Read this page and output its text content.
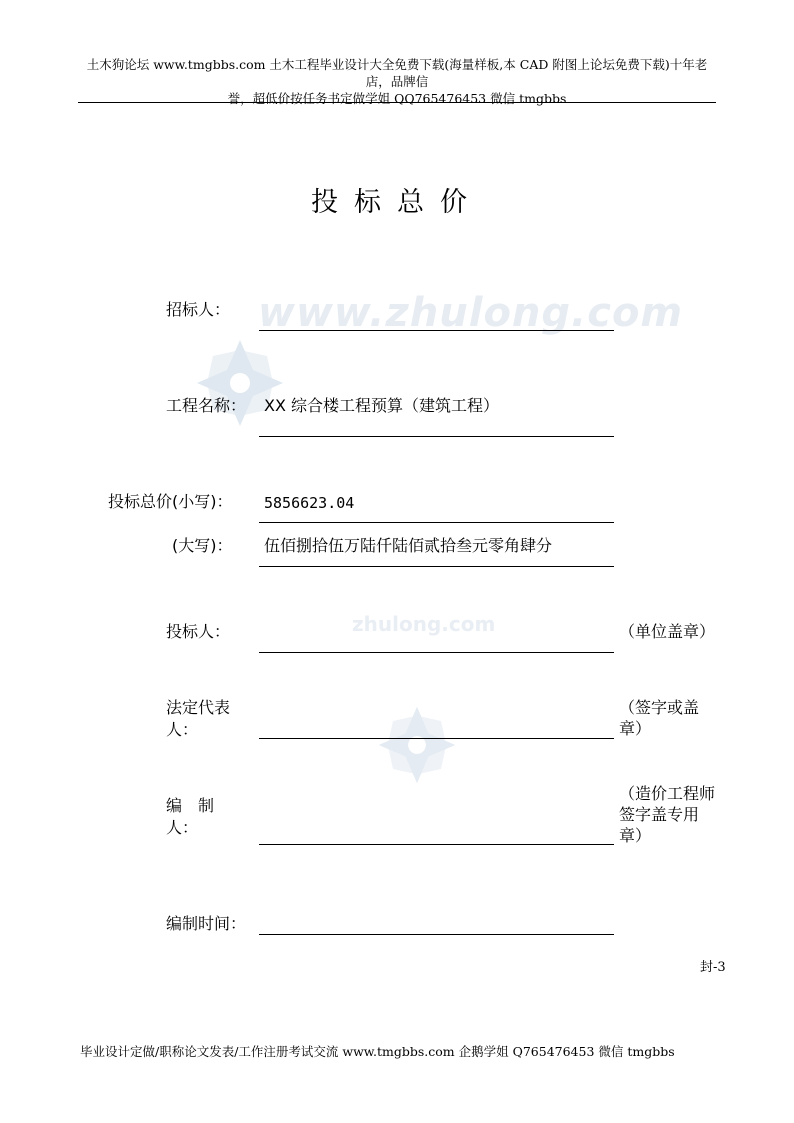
www.zhulong.com
zhulong.com
土木狗论坛 www.tmgbbs.com 土木工程毕业设计大全免费下载(海量样板,本 CAD 附图上论坛免费下载)十年老店，品牌信
誉，超低价按任务书定做学姐 QQ765476453 微信 tmgbbs
投标总价
招标人：
工程名称： XX 综合楼工程预算（建筑工程）
投标总价(小写)： 5856623.04
(大写)： 伍佰捌拾伍万陆仟陆佰贰拾叁元零角肆分
投标人：	（单位盖章）
法定代表
人：
（签字或盖
章）
编　制
人：
（造价工程师
签字盖专用
章）
编制时间：
封-3
毕业设计定做/职称论文发表/工作注册考试交流 www.tmgbbs.com 企鹅学姐 Q765476453 微信 tmgbbs
